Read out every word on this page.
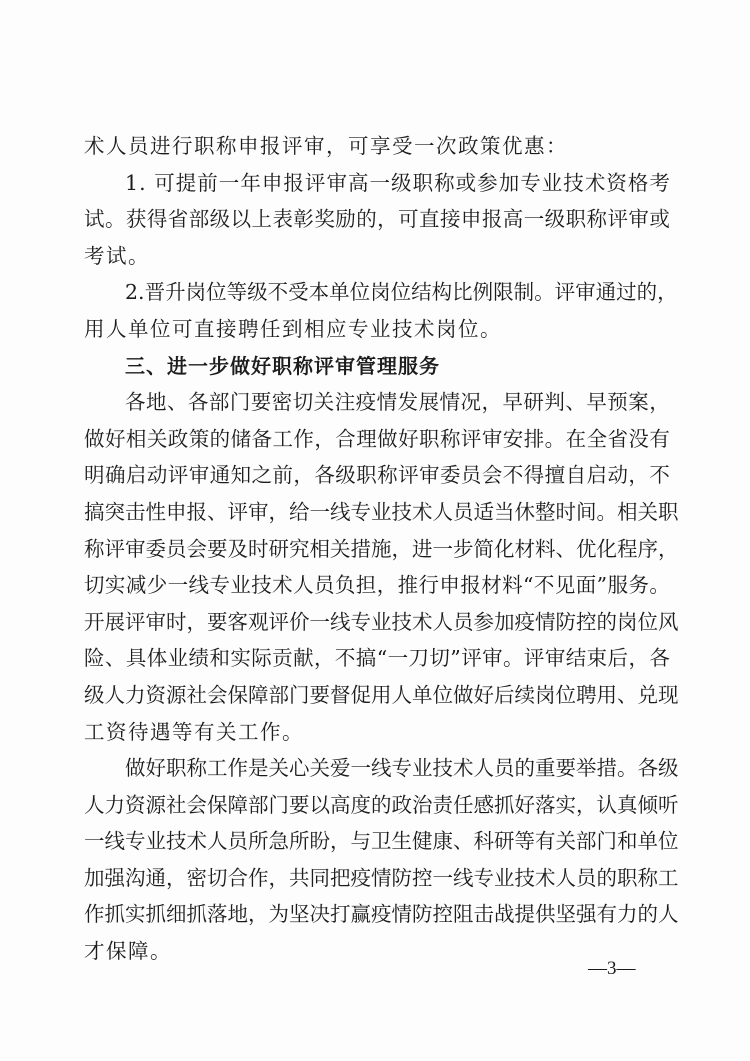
术人员进行职称申报评审，可享受一次政策优惠：
1 .
可 提 前 一 年 申 报 评 审 高 一 级 职 称 或 参 加 专 业 技 术 资 格 考
试 。 获 得 省 部 级 以 上 表 彰 奖 励 的 ， 可 直 接 申 报 高 一 级 职 称 评 审 或
考试。
2 . 晋 升 岗 位 等 级 不 受 本 单 位 岗 位 结 构 比 例 限 制 。 评 审 通 过 的 ，
用人单位可直接聘任到相应专业技术岗位。
三、进一步做好职称评审管理服务
各 地 、 各 部 门 要 密 切 关 注 疫 情 发 展 情 况 ， 早 研 判 、 早 预 案 ，
做 好 相 关 政 策 的 储 备 工 作 ， 合 理 做 好 职 称 评 审 安 排 。 在 全 省 没 有
明 确 启 动 评 审 通 知 之 前 ， 各 级 职 称 评 审 委 员 会 不 得 擅 自 启 动 ， 不
搞 突 击 性 申 报 、 评 审 ， 给 一 线 专 业 技 术 人 员 适 当 休 整 时 间 。 相 关 职
称 评 审 委 员 会 要 及 时 研 究 相 关 措 施 ， 进 一 步 简 化 材 料 、 优 化 程 序 ，
切 实 减 少 一 线 专 业 技 术 人 员 负 担 ， 推 行 申 报 材 料 “ 不 见 面 ” 服 务 。
开 展 评 审 时 ， 要 客 观 评 价 一 线 专 业 技 术 人 员 参 加 疫 情 防 控 的 岗 位 风
险 、 具 体 业 绩 和 实 际 贡 献 ， 不 搞 “ 一 刀 切 ” 评 审 。 评 审 结 束 后 ， 各
级 人 力 资 源 社 会 保 障 部 门 要 督 促 用 人 单 位 做 好 后 续 岗 位 聘 用 、 兑 现
工资待遇等有关工作。
做 好 职 称 工 作 是 关 心 关 爱 一 线 专 业 技 术 人 员 的 重 要 举 措 。 各 级
人 力 资 源 社 会 保 障 部 门 要 以 高 度 的 政 治 责 任 感 抓 好 落 实 ， 认 真 倾 听
一 线 专 业 技 术 人 员 所 急 所 盼 ， 与 卫 生 健 康 、 科 研 等 有 关 部 门 和 单 位
加 强 沟 通 ， 密 切 合 作 ， 共 同 把 疫 情 防 控 一 线 专 业 技 术 人 员 的 职 称 工
作 抓 实 抓 细 抓 落 地 ， 为 坚 决 打 赢 疫 情 防 控 阻 击 战 提 供 坚 强 有 力 的 人
才保障。
—3—
